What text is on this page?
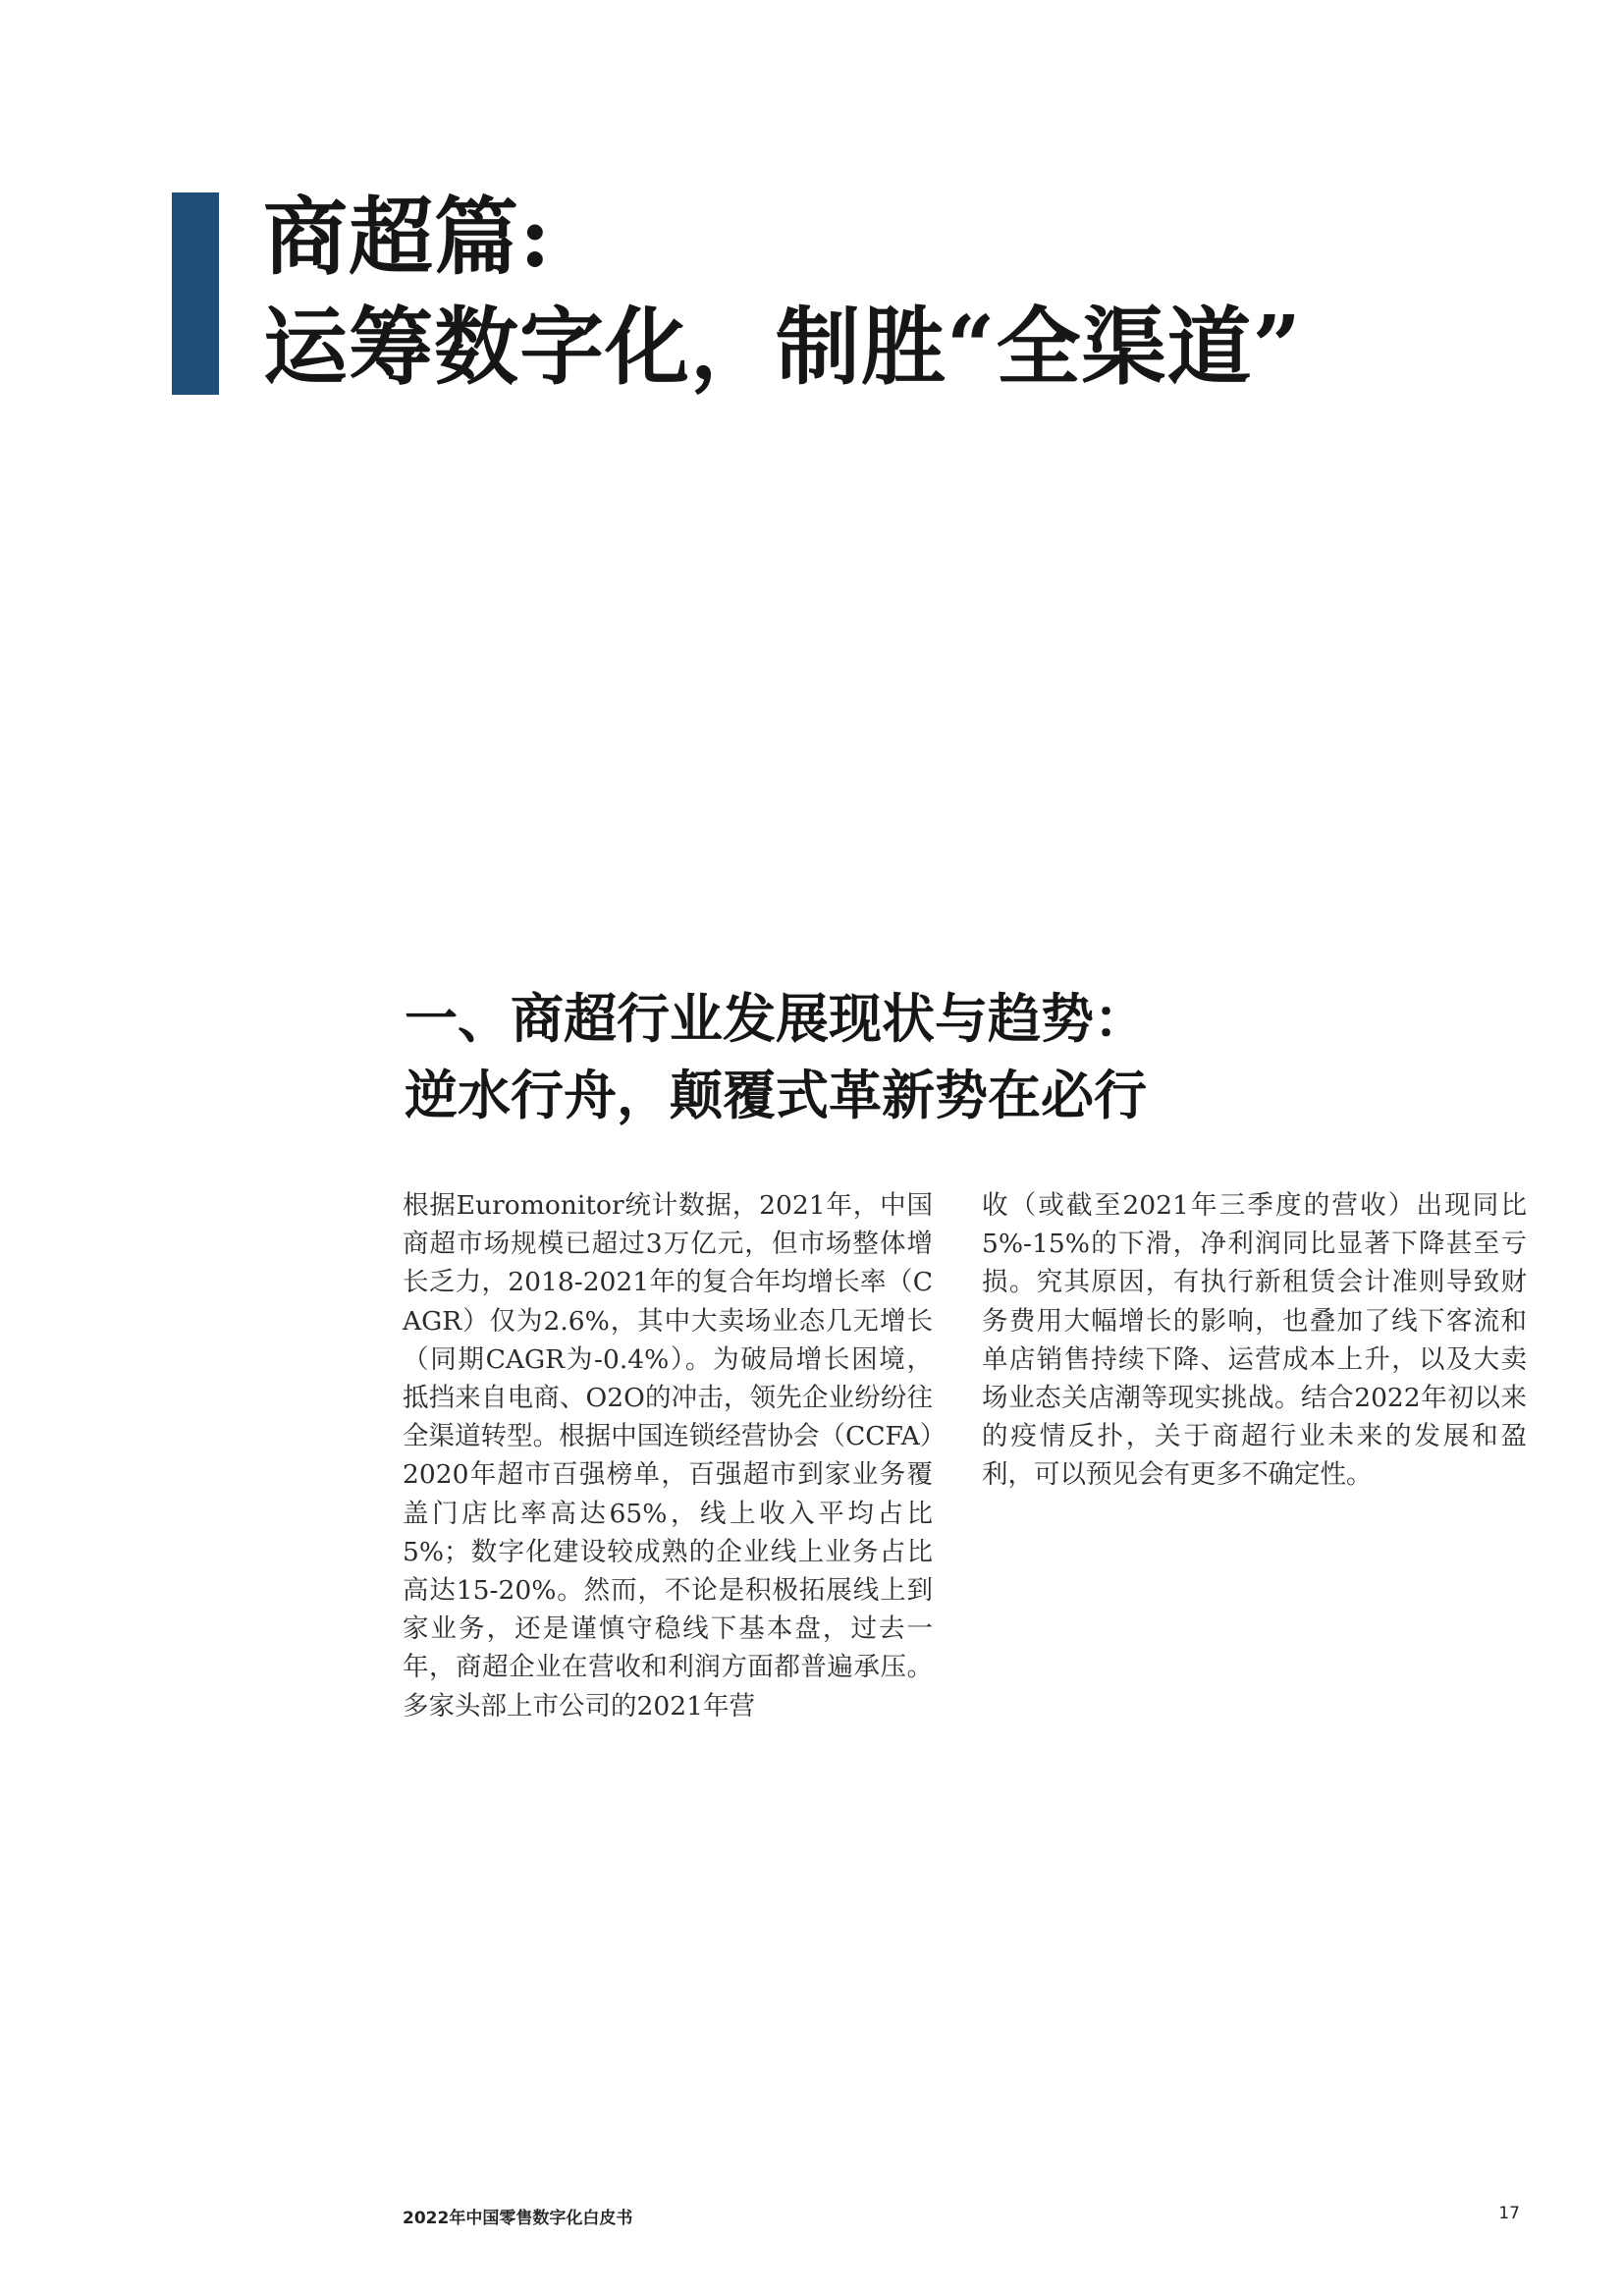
商超篇:
运筹数字化，制胜“全渠道”
一、商超行业发展现状与趋势：
逆水行舟，颠覆式革新势在必行

根据Euromonitor统计数据，2021年，中国商超市场规模已超过3万亿元，但市场整体增长乏力，2018-2021年的复合年均增长率（CAGR）仅为2.6%，其中大卖场业态几无增长（同期CAGR为-0.4%）。为破局增长困境，抵挡来自电商、O2O的冲击，领先企业纷纷往全渠道转型。根据中国连锁经营协会（CCFA）2020年超市百强榜单，百强超市到家业务覆盖门店比率高达65%，线上收入平均占比5%；数字化建设较成熟的企业线上业务占比高达15-20%。然而，不论是积极拓展线上到家业务，还是谨慎守稳线下基本盘，过去一年，商超企业在营收和利润方面都普遍承压。多家头部上市公司的2021年营

收（或截至2021年三季度的营收）出现同比5%-15%的下滑，净利润同比显著下降甚至亏损。究其原因，有执行新租赁会计准则导致财务费用大幅增长的影响，也叠加了线下客流和单店销售持续下降、运营成本上升，以及大卖场业态关店潮等现实挑战。结合2022年初以来的疫情反扑，关于商超行业未来的发展和盈利，可以预见会有更多不确定性。

2022年中国零售数字化白皮书	17
